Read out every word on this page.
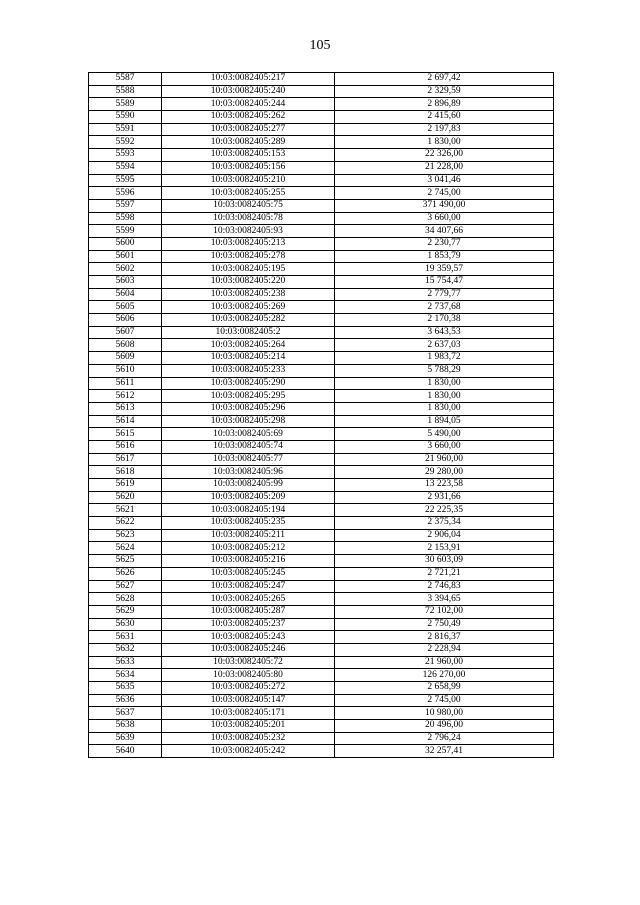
105
5587	10:03:0082405:217	2 697,42
5588	10:03:0082405:240	2 329,59
5589	10:03:0082405:244	2 896,89
5590	10:03:0082405:262	2 415,60
5591	10:03:0082405:277	2 197,83
5592	10:03:0082405:289	1 830,00
5593	10:03:0082405:153	22 326,00
5594	10:03:0082405:156	21 228,00
5595	10:03:0082405:210	3 041,46
5596	10:03:0082405:255	2 745,00
5597	10:03:0082405:75	371 490,00
5598	10:03:0082405:78	3 660,00
5599	10:03:0082405:93	34 407,66
5600	10:03:0082405:213	2 230,77
5601	10:03:0082405:278	1 853,79
5602	10:03:0082405:195	19 359,57
5603	10:03:0082405:220	15 754,47
5604	10:03:0082405:238	2 779,77
5605	10:03:0082405:269	2 737,68
5606	10:03:0082405:282	2 170,38
5607	10:03:0082405:2	3 643,53
5608	10:03:0082405:264	2 637,03
5609	10:03:0082405:214	1 983,72
5610	10:03:0082405:233	5 788,29
5611	10:03:0082405:290	1 830,00
5612	10:03:0082405:295	1 830,00
5613	10:03:0082405:296	1 830,00
5614	10:03:0082405:298	1 894,05
5615	10:03:0082405:69	5 490,00
5616	10:03:0082405:74	3 660,00
5617	10:03:0082405:77	21 960,00
5618	10:03:0082405:96	29 280,00
5619	10:03:0082405:99	13 223,58
5620	10:03:0082405:209	2 931,66
5621	10:03:0082405:194	22 225,35
5622	10:03:0082405:235	2 375,34
5623	10:03:0082405:211	2 906,04
5624	10:03:0082405:212	2 153,91
5625	10:03:0082405:216	30 603,09
5626	10:03:0082405:245	2 721,21
5627	10:03:0082405:247	2 746,83
5628	10:03:0082405:265	3 394,65
5629	10:03:0082405:287	72 102,00
5630	10:03:0082405:237	2 750,49
5631	10:03:0082405:243	2 816,37
5632	10:03:0082405:246	2 228,94
5633	10:03:0082405:72	21 960,00
5634	10:03:0082405:80	126 270,00
5635	10:03:0082405:272	2 658,99
5636	10:03:0082405:147	2 745,00
5637	10:03:0082405:171	10 980,00
5638	10:03:0082405:201	20 496,00
5639	10:03:0082405:232	2 796,24
5640	10:03:0082405:242	32 257,41
